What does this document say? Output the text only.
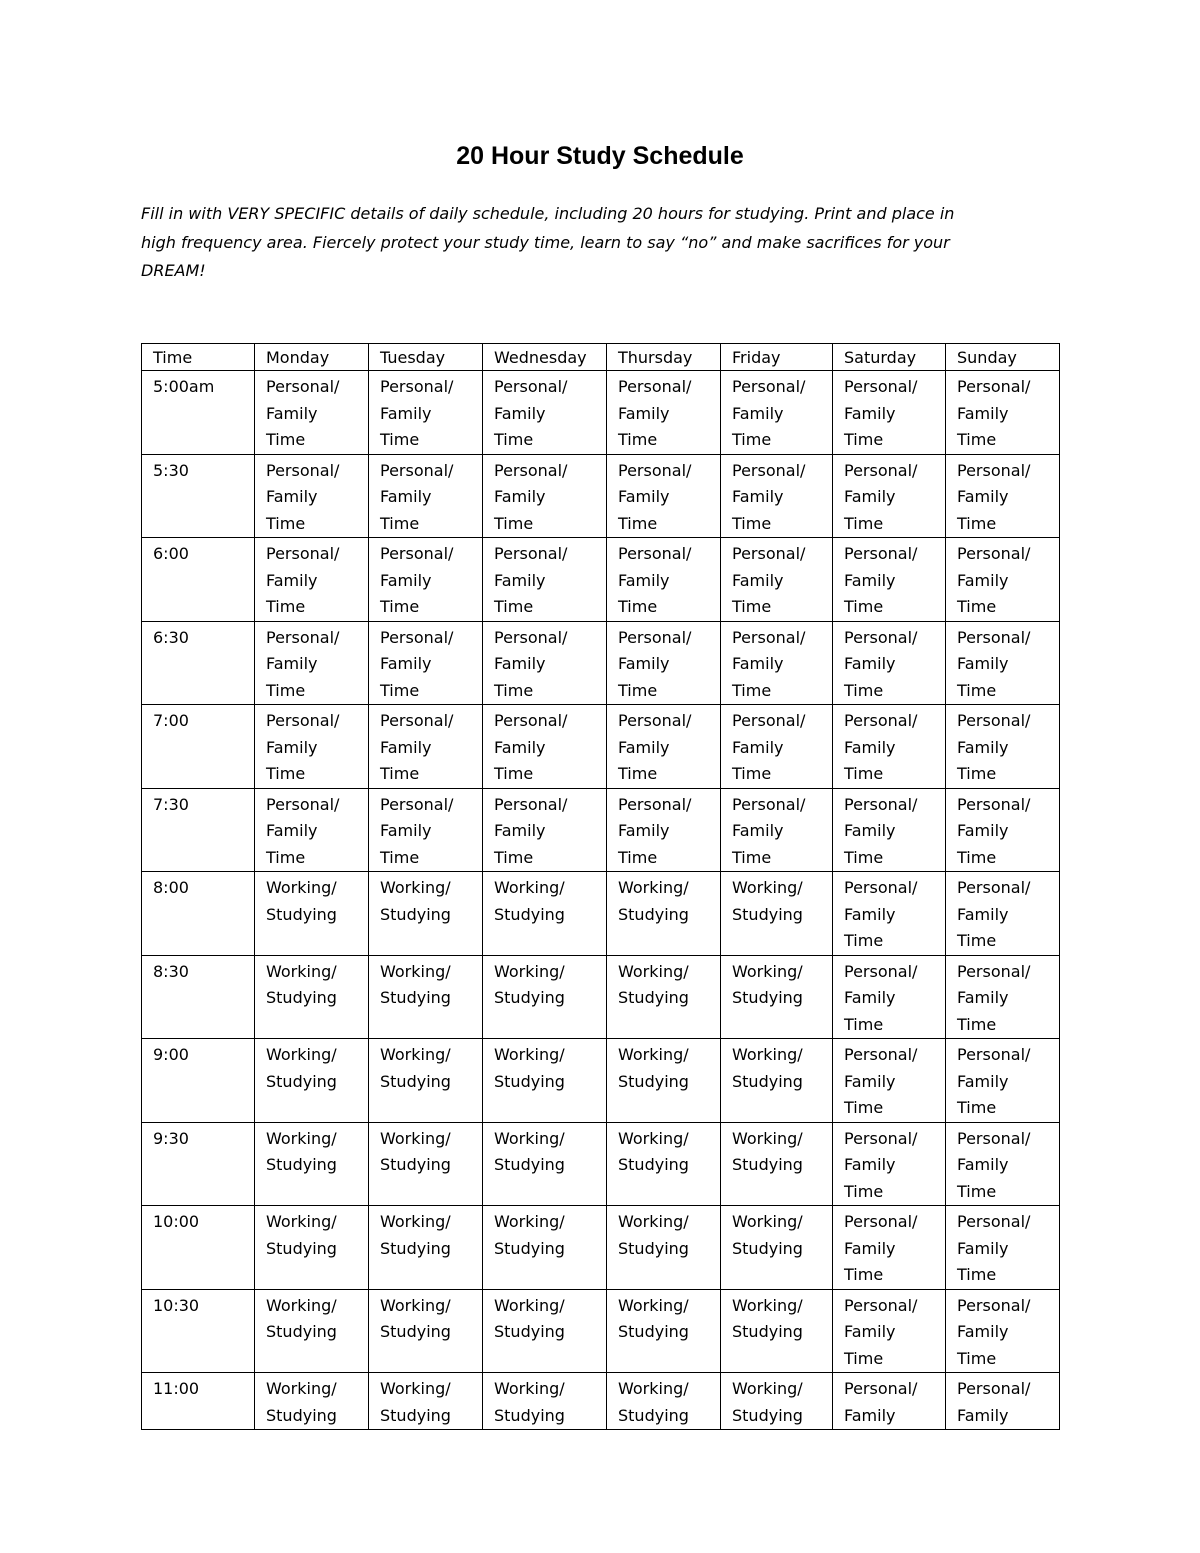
20 Hour Study Schedule

Fill in with VERY SPECIFIC details of daily schedule, including 20 hours for studying. Print and place in
high frequency area. Fiercely protect your study time, learn to say “no” and make sacrifices for your
DREAM!

Time	Monday	Tuesday	Wednesday	Thursday	Friday	Saturday	Sunday
5:00am	Personal/
Family
Time	Personal/
Family
Time	Personal/
Family
Time	Personal/
Family
Time	Personal/
Family
Time	Personal/
Family
Time	Personal/
Family
Time

5:30	Personal/
Family
Time	Personal/
Family
Time	Personal/
Family
Time	Personal/
Family
Time	Personal/
Family
Time	Personal/
Family
Time	Personal/
Family
Time

6:00	Personal/
Family
Time	Personal/
Family
Time	Personal/
Family
Time	Personal/
Family
Time	Personal/
Family
Time	Personal/
Family
Time	Personal/
Family
Time

6:30	Personal/
Family
Time	Personal/
Family
Time	Personal/
Family
Time	Personal/
Family
Time	Personal/
Family
Time	Personal/
Family
Time	Personal/
Family
Time

7:00	Personal/
Family
Time	Personal/
Family
Time	Personal/
Family
Time	Personal/
Family
Time	Personal/
Family
Time	Personal/
Family
Time	Personal/
Family
Time

7:30	Personal/
Family
Time	Personal/
Family
Time	Personal/
Family
Time	Personal/
Family
Time	Personal/
Family
Time	Personal/
Family
Time	Personal/
Family
Time

8:00	Working/
Studying	Working/
Studying	Working/
Studying	Working/
Studying	Working/
Studying	Personal/
Family
Time	Personal/
Family
Time

8:30	Working/
Studying	Working/
Studying	Working/
Studying	Working/
Studying	Working/
Studying	Personal/
Family
Time	Personal/
Family
Time

9:00	Working/
Studying	Working/
Studying	Working/
Studying	Working/
Studying	Working/
Studying	Personal/
Family
Time	Personal/
Family
Time

9:30	Working/
Studying	Working/
Studying	Working/
Studying	Working/
Studying	Working/
Studying	Personal/
Family
Time	Personal/
Family
Time

10:00	Working/
Studying	Working/
Studying	Working/
Studying	Working/
Studying	Working/
Studying	Personal/
Family
Time	Personal/
Family
Time

10:30	Working/
Studying	Working/
Studying	Working/
Studying	Working/
Studying	Working/
Studying	Personal/
Family
Time	Personal/
Family
Time

11:00	Working/
Studying	Working/
Studying	Working/
Studying	Working/
Studying	Working/
Studying	Personal/
Family	Personal/
Family
